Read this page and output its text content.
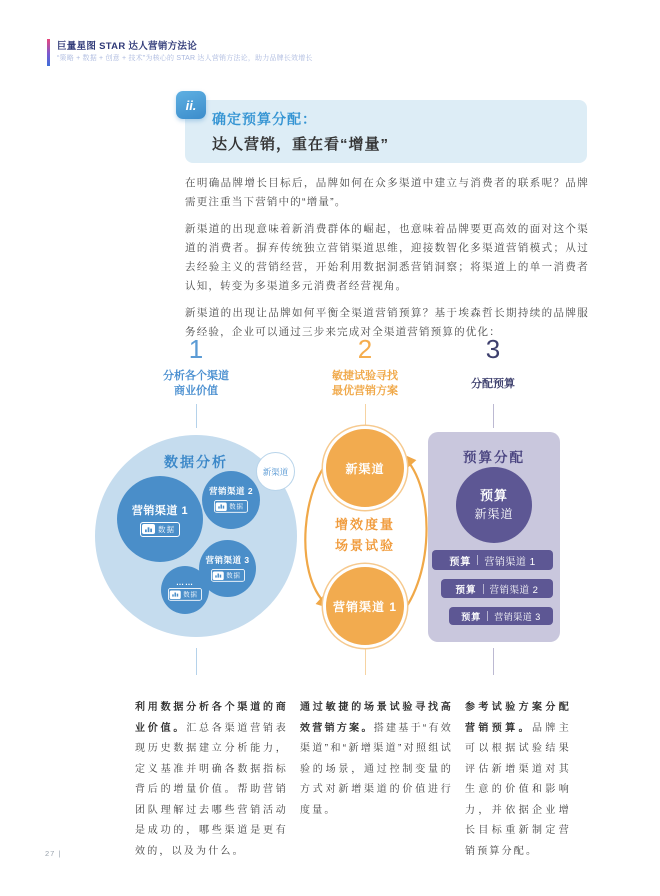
巨量星图 STAR 达人营销方法论
“策略 + 数据 + 创意 + 技术”为核心的 STAR 达人营销方法论，助力品牌长效增长
ii.
确定预算分配：
达人营销，重在看“增量”

在明确品牌增长目标后，品牌如何在众多渠道中建立与消费者的联系呢？品牌需更注重当下营销中的“增量”。

新渠道的出现意味着新消费群体的崛起，也意味着品牌要更高效的面对这个渠道的消费者。摒弃传统独立营销渠道思维，迎接数智化多渠道营销模式；从过去经验主义的营销经营，开始利用数据洞悉营销洞察；将渠道上的单一消费者认知，转变为多渠道多元消费者经营视角。

新渠道的出现让品牌如何平衡全渠道营销预算？基于埃森哲长期持续的品牌服务经验，企业可以通过三步来完成对全渠道营销预算的优化：

1
分析各个渠道
商业价值
2
敏捷试验寻找
最优营销方案
3
分配预算
数据分析
营销渠道 1
数据
营销渠道 2
数据
营销渠道 3
数据
……
数据
新渠道	新渠道
营销渠道 1
增效度量
场景试验
预算分配
预算
新渠道
预算 营销渠道 1
预算 营销渠道 2
预算 营销渠道 3
利用数据分析各个渠道的商业价值。汇总各渠道营销表现历史数据建立分析能力，定义基准并明确各数据指标背后的增量价值。帮助营销团队理解过去哪些营销活动是成功的，哪些渠道是更有效的，以及为什么。
通过敏捷的场景试验寻找高效营销方案。搭建基于“有效渠道”和“新增渠道”对照组试验的场景，通过控制变量的方式对新增渠道的价值进行度量。
参考试验方案分配营销预算。品牌主可以根据试验结果评估新增渠道对其生意的价值和影响力，并依据企业增长目标重新制定营销预算分配。
27 |
